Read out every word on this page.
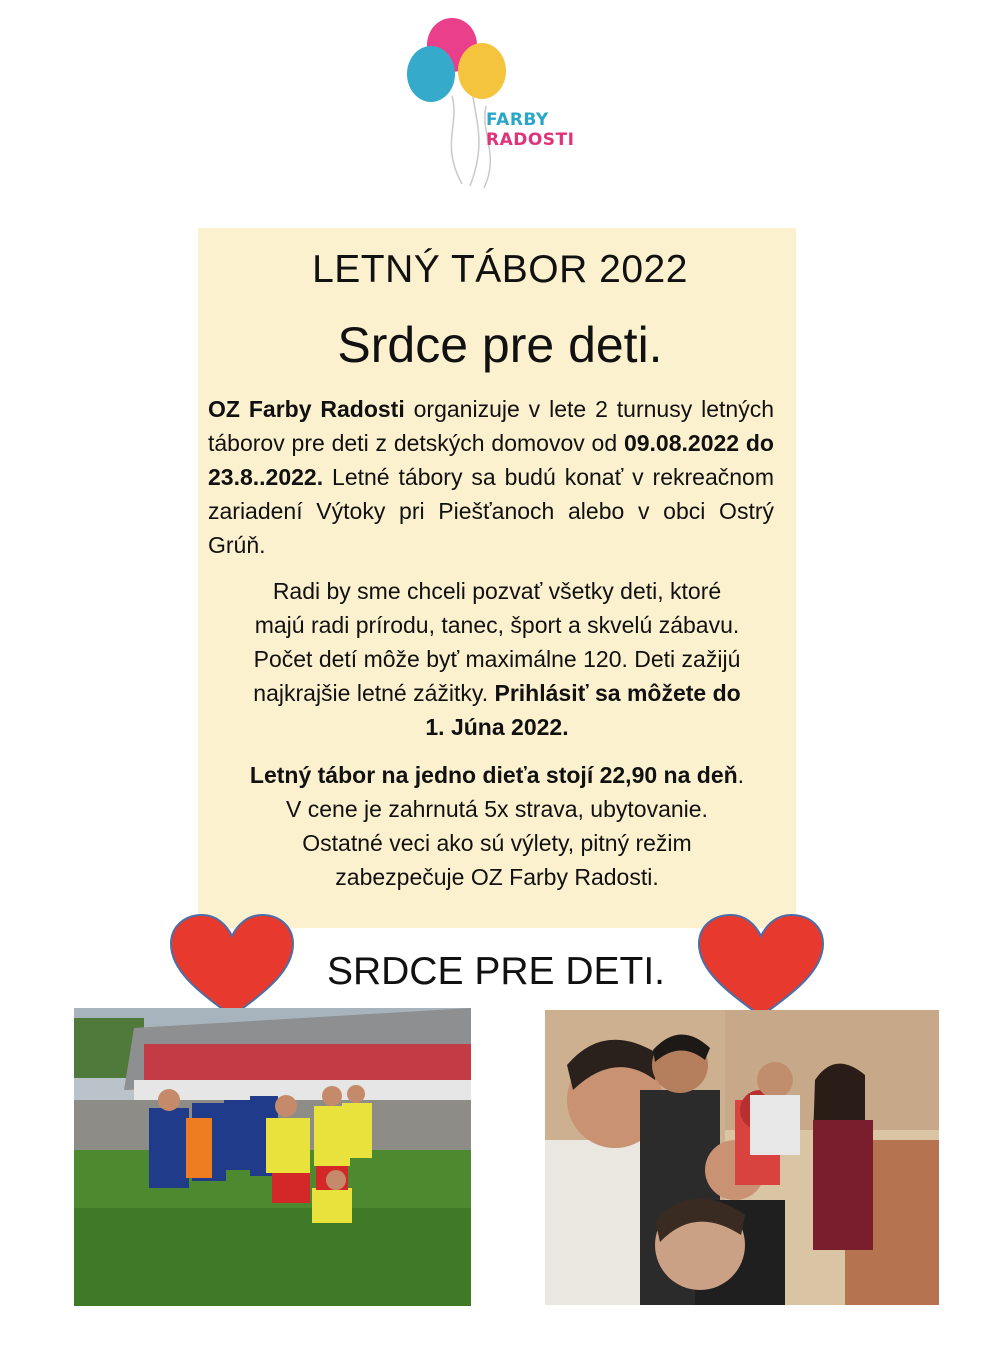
FARBY
RADOSTI
LETNÝ TÁBOR 2022
Srdce pre deti.
OZ Farby Radosti organizuje v lete 2 turnusy letných táborov pre deti z detských domovov od 09.08.2022 do 23.8..2022. Letné tábory sa budú konať v rekreačnom zariadení Výtoky pri Piešťanoch alebo v obci Ostrý Grúň.
Radi by sme chceli pozvať všetky deti, ktoré
majú radi prírodu, tanec, šport a skvelú zábavu.
Počet detí môže byť maximálne 120. Deti zažijú
najkrajšie letné zážitky. Prihlásiť sa môžete do
1. Júna 2022.
Letný tábor na jedno dieťa stojí 22,90 na deň.
V cene je zahrnutá 5x strava, ubytovanie.
Ostatné veci ako sú výlety, pitný režim
zabezpečuje OZ Farby Radosti.
SRDCE PRE DETI.
